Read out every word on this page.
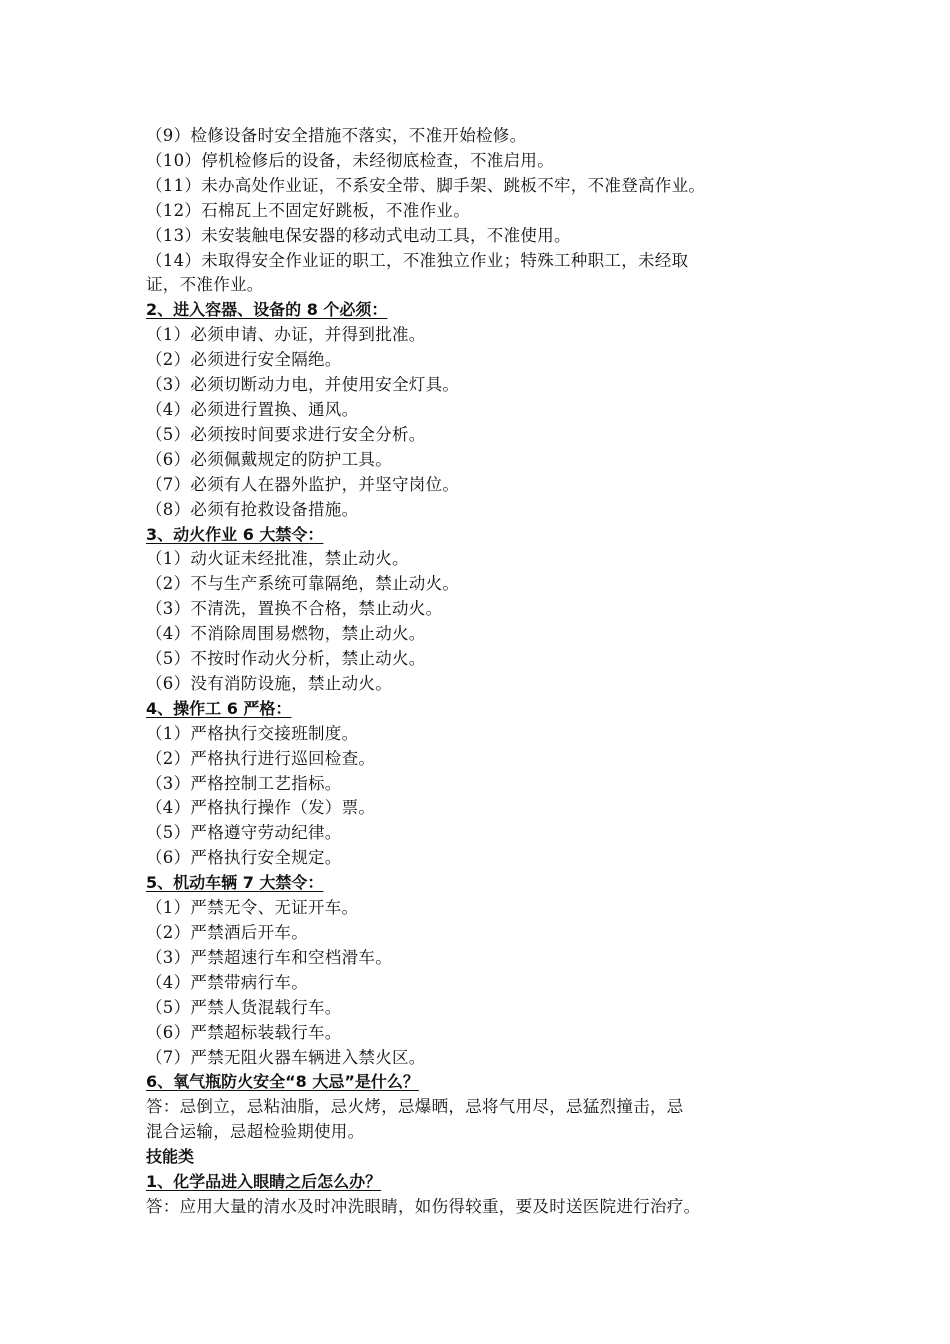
（9）检修设备时安全措施不落实，不准开始检修。
（10）停机检修后的设备，未经彻底检查，不准启用。
（11）未办高处作业证，不系安全带、脚手架、跳板不牢，不准登高作业。
（12）石棉瓦上不固定好跳板，不准作业。
（13）未安装触电保安器的移动式电动工具，不准使用。
（14）未取得安全作业证的职工，不准独立作业；特殊工种职工，未经取
证，不准作业。
2、进入容器、设备的 8 个必须：
（1）必须申请、办证，并得到批准。
（2）必须进行安全隔绝。
（3）必须切断动力电，并使用安全灯具。
（4）必须进行置换、通风。
（5）必须按时间要求进行安全分析。
（6）必须佩戴规定的防护工具。
（7）必须有人在器外监护，并坚守岗位。
（8）必须有抢救设备措施。
3、动火作业 6 大禁令：
（1）动火证未经批准，禁止动火。
（2）不与生产系统可靠隔绝，禁止动火。
（3）不清洗，置换不合格，禁止动火。
（4）不消除周围易燃物，禁止动火。
（5）不按时作动火分析，禁止动火。
（6）没有消防设施，禁止动火。
4、操作工 6 严格：
（1）严格执行交接班制度。
（2）严格执行进行巡回检查。
（3）严格控制工艺指标。
（4）严格执行操作（发）票。
（5）严格遵守劳动纪律。
（6）严格执行安全规定。
5、机动车辆 7 大禁令：
（1）严禁无令、无证开车。
（2）严禁酒后开车。
（3）严禁超速行车和空档滑车。
（4）严禁带病行车。
（5）严禁人货混载行车。
（6）严禁超标装载行车。
（7）严禁无阻火器车辆进入禁火区。
6、氧气瓶防火安全“8 大忌”是什么？
答：忌倒立，忌粘油脂，忌火烤，忌爆晒，忌将气用尽，忌猛烈撞击，忌
混合运输，忌超检验期使用。
技能类
1、化学品进入眼睛之后怎么办？
答：应用大量的清水及时冲洗眼睛，如伤得较重，要及时送医院进行治疗。
